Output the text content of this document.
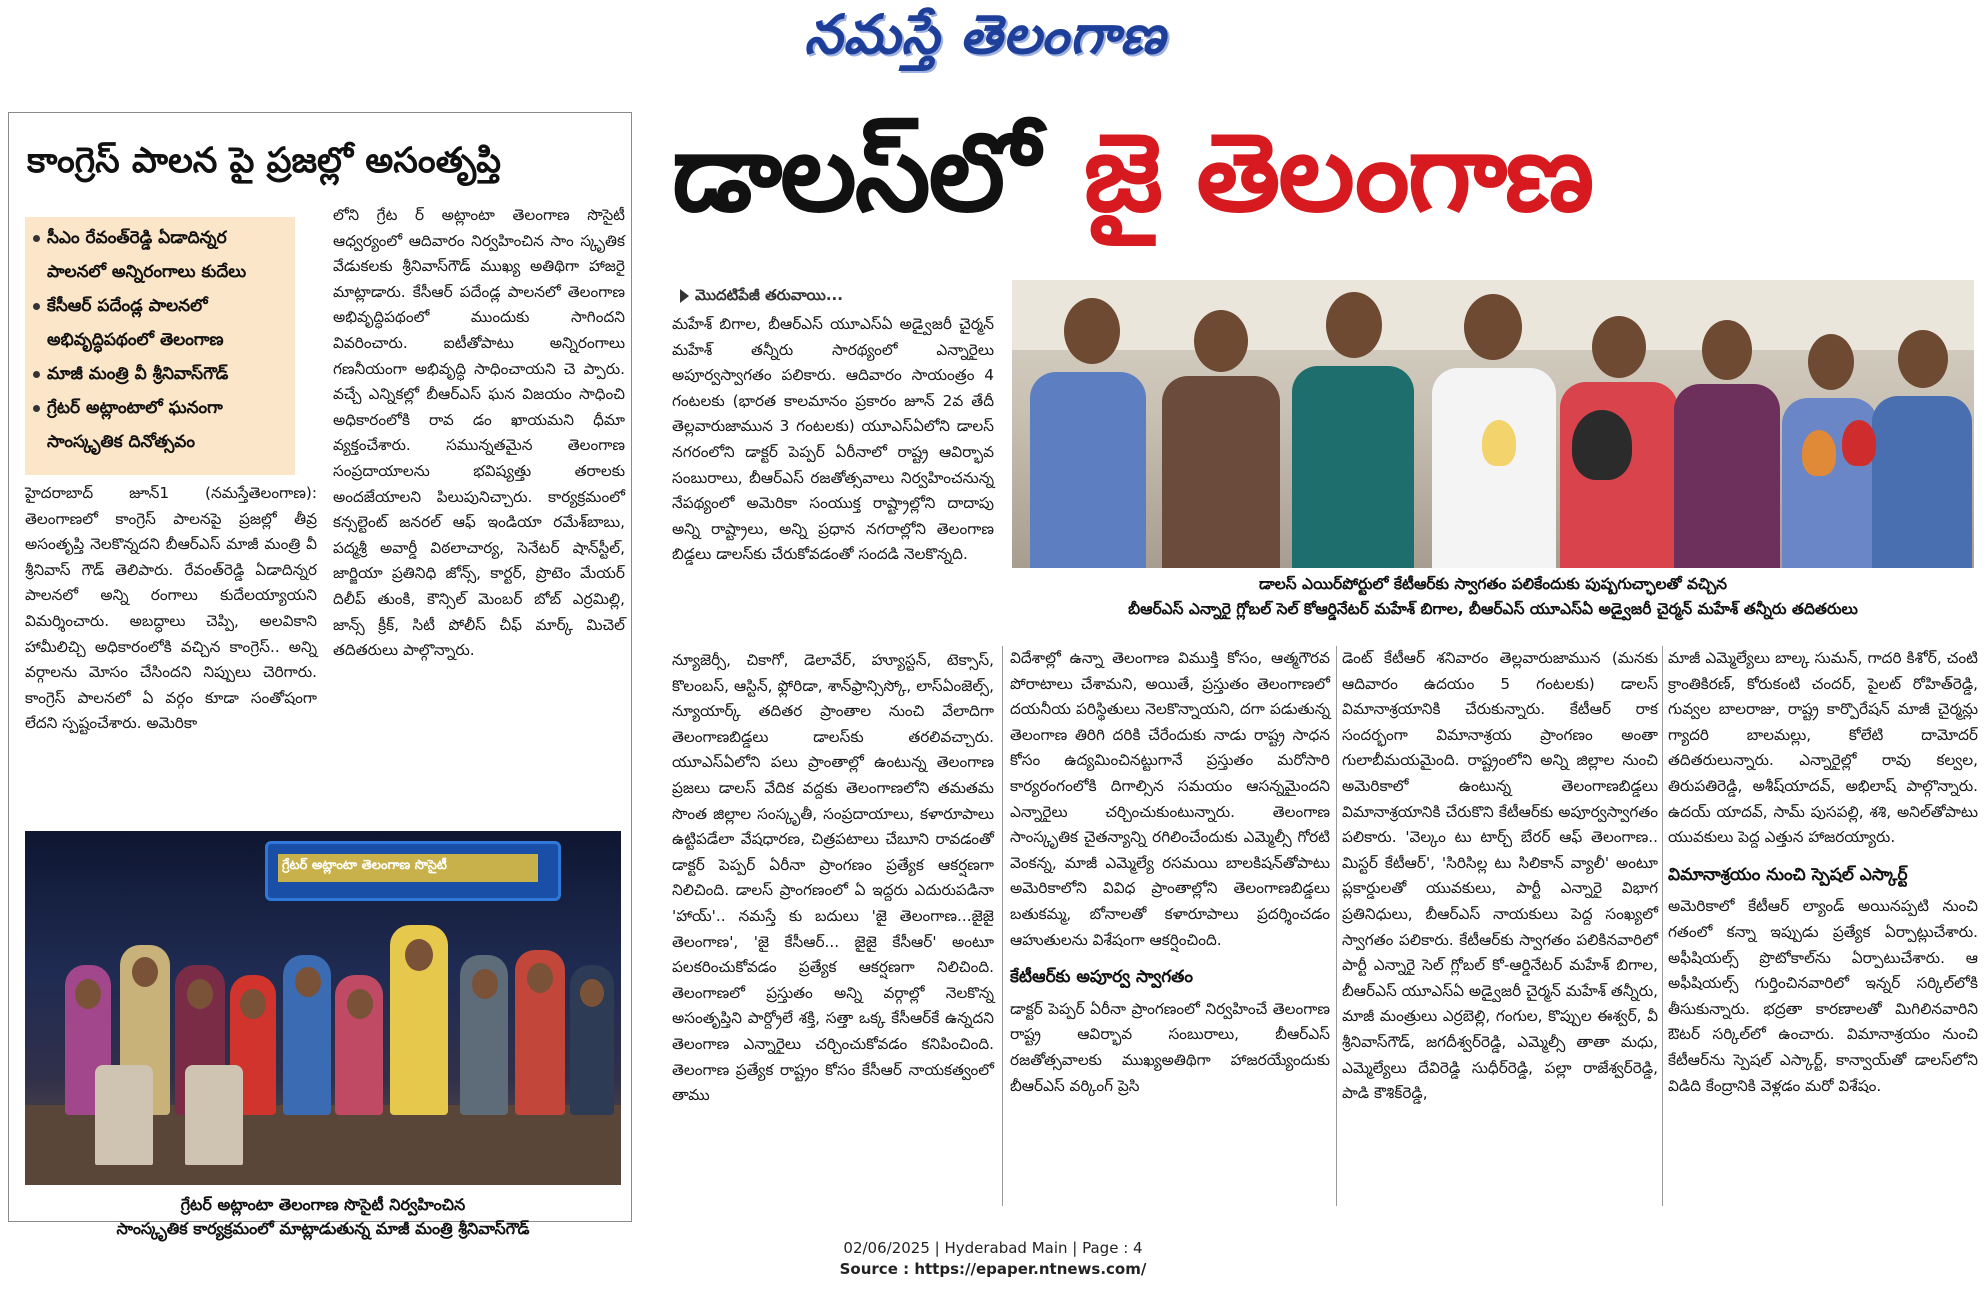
నమస్తే తెలంగాణ
కాంగ్రెస్ పాలన పై ప్రజల్లో అసంతృప్తి
సీఎం రేవంత్‌రెడ్డి ఏడాదిన్నర పాలనలో అన్నిరంగాలు కుదేలు
కేసీఆర్ పదేండ్ల పాలనలో అభివృద్ధిపథంలో తెలంగాణ
మాజీ మంత్రి వీ శ్రీనివాస్‌గౌడ్
గ్రేటర్ అట్లాంటాలో ఘనంగా సాంస్కృతిక దినోత్సవం

హైదరాబాద్ జూన్1 (నమస్తేతెలంగాణ): తెలంగాణలో కాంగ్రెస్ పాలనపై ప్రజల్లో తీవ్ర అసంతృప్తి నెలకొన్నదని బీఆర్‌ఎస్ మాజీ మంత్రి వీ శ్రీనివాస్ గౌడ్ తెలిపారు. రేవంత్‌రెడ్డి ఏడాదిన్నర పాలనలో అన్ని రంగాలు కుదేలయ్యాయని విమర్శించారు. అబద్ధాలు చెప్పి, అలవికాని హామీలిచ్చి అధికారంలోకి వచ్చిన కాంగ్రెస్.. అన్ని వర్గాలను మోసం చేసిందని నిప్పులు చెరిగారు. కాంగ్రెస్ పాలనలో ఏ వర్గం కూడా సంతోషంగా లేదని స్పష్టంచేశారు. అమెరికా

లోని గ్రేట ర్ అట్లాంటా తెలంగాణ సొసైటీ ఆధ్వర్యంలో ఆదివారం నిర్వహించిన సాం స్కృతిక వేడుకలకు శ్రీనివాస్‌గౌడ్ ముఖ్య అతిథిగా హాజరై మాట్లాడారు. కేసీఆర్ పదేండ్ల పాలనలో తెలంగాణ అభివృద్ధిపథంలో ముందుకు సాగిందని వివరించారు. ఐటీతోపాటు అన్నిరంగాలు గణనీయంగా అభివృద్ధి సాధించాయని చె ప్పారు. వచ్చే ఎన్నికల్లో బీఆర్‌ఎస్ ఘన విజయం సాధించి అధికారంలోకి రావ డం ఖాయమని ధీమా వ్యక్తంచేశారు. సమున్నతమైన తెలంగాణ సంప్రదాయాలను భవిష్యత్తు తరాలకు అందజేయాలని పిలుపునిచ్చారు. కార్యక్రమంలో కన్సల్టెంట్ జనరల్ ఆఫ్ ఇండియా రమేశ్‌బాబు, పద్మశ్రీ అవార్డీ విఠలాచార్య, సెనేటర్ షాన్‌స్టీల్, జార్జియా ప్రతినిధి జోన్స్, కార్టర్, ప్రొటెం మేయర్ దిలీప్ తుంకి, కౌన్సిల్ మెంబర్ బోబ్ ఎర్రమిల్లి, జాన్స్ క్రీక్, సిటీ పోలీస్ చీఫ్ మార్క్ మిచెల్ తదితరులు పాల్గొన్నారు.

గ్రేటర్ అట్లాంటా తెలంగాణ సొసైటీ
గ్రేటర్ అట్లాంటా తెలంగాణ సొసైటీ నిర్వహించిన
సాంస్కృతిక కార్యక్రమంలో మాట్లాడుతున్న మాజీ మంత్రి శ్రీనివాస్‌గౌడ్
డాలస్‌లో జై తెలంగాణ
మొదటిపేజీ తరువాయి...
డాలస్ ఎయిర్‌పోర్టులో కేటీఆర్‌కు స్వాగతం పలికేందుకు పుష్పగుచ్ఛాలతో వచ్చిన
బీఆర్‌ఎస్ ఎన్నారై గ్లోబల్ సెల్ కోఆర్డినేటర్ మహేశ్ బిగాల, బీఆర్‌ఎస్ యూఎస్‌ఏ అడ్వైజరీ చైర్మన్ మహేశ్ తన్నీరు తదితరులు

మహేశ్ బిగాల, బీఆర్‌ఎస్ యూఎస్‌ఏ అడ్వైజరీ చైర్మన్ మహేశ్ తన్నీరు సారథ్యంలో ఎన్నారైలు అపూర్వస్వాగతం పలికారు. ఆదివారం సాయంత్రం 4 గంటలకు (భారత కాలమానం ప్రకారం జూన్ 2వ తేదీ తెల్లవారుజామున 3 గంటలకు) యూఎస్‌ఏలోని డాలస్ నగరంలోని డాక్టర్ పెప్పర్ ఏరీనాలో రాష్ట్ర ఆవిర్భావ సంబురాలు, బీఆర్‌ఎస్ రజతోత్సవాలు నిర్వహించనున్న నేపథ్యంలో అమెరికా సంయుక్త రాష్ట్రాల్లోని దాదాపు అన్ని రాష్ట్రాలు, అన్ని ప్రధాన నగరాల్లోని తెలంగాణ బిడ్డలు డాలస్‌కు చేరుకోవడంతో సందడి నెలకొన్నది.

న్యూజెర్సీ, చికాగో, డెలావేర్, హ్యూస్టన్, టెక్సాస్, కొలంబస్, ఆస్టిన్, ఫ్లోరిడా, శాన్‌ఫ్రాన్సిస్కో, లాస్‌ఏంజెల్స్, న్యూయార్క్ తదితర ప్రాంతాల నుంచి వేలాదిగా తెలంగాణబిడ్డలు డాలస్‌కు తరలివచ్చారు. యూఎస్‌ఏలోని పలు ప్రాంతాల్లో ఉంటున్న తెలంగాణ ప్రజలు డాలస్ వేదిక వద్దకు తెలంగాణలోని తమతమ సొంత జిల్లాల సంస్కృతీ, సంప్రదాయాలు, కళారూపాలు ఉట్టిపడేలా వేషధారణ, చిత్రపటాలు చేబూని రావడంతో డాక్టర్ పెప్పర్ ఏరీనా ప్రాంగణం ప్రత్యేక ఆకర్షణగా నిలిచింది. డాలస్ ప్రాంగణంలో ఏ ఇద్దరు ఎదురుపడినా 'హాయ్'.. నమస్తే కు బదులు 'జై తెలంగాణ...జైజై తెలంగాణ', 'జై కేసీఆర్... జైజై కేసీఆర్' అంటూ పలకరించుకోవడం ప్రత్యేక ఆకర్షణగా నిలిచింది. తెలంగాణలో ప్రస్తుతం అన్ని వర్గాల్లో నెలకొన్న అసంతృప్తిని పార్ద్రోలే శక్తి, సత్తా ఒక్క కేసీఆర్‌కే ఉన్నదని తెలంగాణ ఎన్నారైలు చర్చించుకోవడం కనిపించింది. తెలంగాణ ప్రత్యేక రాష్ట్రం కోసం కేసీఆర్ నాయకత్వంలో తాము

విదేశాల్లో ఉన్నా తెలంగాణ విముక్తి కోసం, ఆత్మగౌరవ పోరాటాలు చేశామని, అయితే, ప్రస్తుతం తెలంగాణలో దయనీయ పరిస్థితులు నెలకొన్నాయని, దగా పడుతున్న తెలంగాణ తిరిగి దరికి చేరేందుకు నాడు రాష్ట్ర సాధన కోసం ఉద్యమించినట్టుగానే ప్రస్తుతం మరోసారి కార్యరంగంలోకి దిగాల్సిన సమయం ఆసన్నమైందని ఎన్నారైలు చర్చించుకుంటున్నారు. తెలంగాణ సాంస్కృతిక చైతన్యాన్ని రగిలించేందుకు ఎమ్మెల్సీ గోరటి వెంకన్న, మాజీ ఎమ్మెల్యే రసమయి బాలకిషన్‌తోపాటు అమెరికాలోని వివిధ ప్రాంతాల్లోని తెలంగాణబిడ్డలు బతుకమ్మ, బోనాలతో కళారూపాలు ప్రదర్శించడం ఆహుతులను విశేషంగా ఆకర్షించింది.

కేటీఆర్‌కు అపూర్వ స్వాగతం

డాక్టర్ పెప్పర్ ఏరీనా ప్రాంగణంలో నిర్వహించే తెలంగాణ రాష్ట్ర ఆవిర్భావ సంబురాలు, బీఆర్‌ఎస్ రజతోత్సవాలకు ముఖ్యఅతిథిగా హాజరయ్యేందుకు బీఆర్‌ఎస్ వర్కింగ్ ప్రెసి

డెంట్ కేటీఆర్ శనివారం తెల్లవారుజామున (మనకు ఆదివారం ఉదయం 5 గంటలకు) డాలస్ విమానాశ్రయానికి చేరుకున్నారు. కేటీఆర్ రాక సందర్భంగా విమానాశ్రయ ప్రాంగణం అంతా గులాబీమయమైంది. రాష్ట్రంలోని అన్ని జిల్లాల నుంచి అమెరికాలో ఉంటున్న తెలంగాణబిడ్డలు విమానాశ్రయానికి చేరుకొని కేటీఆర్‌కు అపూర్వస్వాగతం పలికారు. 'వెల్కం టు టార్చ్ బేరర్ ఆఫ్ తెలంగాణ.. మిస్టర్ కేటీఆర్', 'సిరిసిల్ల టు సిలికాన్ వ్యాలీ' అంటూ ప్లకార్డులతో యువకులు, పార్టీ ఎన్నారై విభాగ ప్రతినిధులు, బీఆర్‌ఎస్ నాయకులు పెద్ద సంఖ్యలో స్వాగతం పలికారు. కేటీఆర్‌కు స్వాగతం పలికినవారిలో పార్టీ ఎన్నారై సెల్ గ్లోబల్ కో-ఆర్డినేటర్ మహేశ్ బిగాల, బీఆర్‌ఎస్ యూఎస్‌ఏ అడ్వైజరీ చైర్మన్ మహేశ్ తన్నీరు, మాజీ మంత్రులు ఎర్రబెల్లి, గంగుల, కొప్పుల ఈశ్వర్, వీ శ్రీనివాస్‌గౌడ్, జగదీశ్వర్‌రెడ్డి, ఎమ్మెల్సీ తాతా మధు, ఎమ్మెల్యేలు దేవిరెడ్డి సుధీర్‌రెడ్డి, పల్లా రాజేశ్వర్‌రెడ్డి, పాడి కౌశిక్‌రెడ్డి,

మాజీ ఎమ్మెల్యేలు బాల్క సుమన్, గాదరి కిశోర్, చంటి క్రాంతికిరణ్, కోరుకంటి చందర్, పైలట్ రోహిత్‌రెడ్డి, గువ్వల బాలరాజు, రాష్ట్ర కార్పొరేషన్ మాజీ చైర్మన్లు గ్యాదరి బాలమల్లు, కోలేటి దామోదర్ తదితరులున్నారు. ఎన్నారైల్లో రావు కల్వల, తిరుపతిరెడ్డి, అశీష్‌యాదవ్, అభిలాష్ పాల్గొన్నారు. ఉదయ్ యాదవ్, సామ్ పుసపల్లి, శశి, అనిల్‌తోపాటు యువకులు పెద్ద ఎత్తున హాజరయ్యారు.

విమానాశ్రయం నుంచి స్పెషల్ ఎస్కార్ట్

అమెరికాలో కేటీఆర్ ల్యాండ్ అయినప్పటి నుంచి గతంలో కన్నా ఇప్పుడు ప్రత్యేక ఏర్పాట్లుచేశారు. అఫీషియల్స్ ప్రొటోకాల్‌ను ఏర్పాటుచేశారు. ఆ అఫీషియల్స్ గుర్తించినవారిలో ఇన్నర్ సర్కిల్‌లోకి తీసుకున్నారు. భద్రతా కారణాలతో మిగిలినవారిని ఔటర్ సర్కిల్‌లో ఉంచారు. విమానాశ్రయం నుంచి కేటీఆర్‌ను స్పెషల్ ఎస్కార్ట్, కాన్వాయ్‌తో డాలస్‌లోని విడిది కేంద్రానికి వెళ్లడం మరో విశేషం.

02/06/2025 | Hyderabad Main | Page : 4
Source : https://epaper.ntnews.com/
